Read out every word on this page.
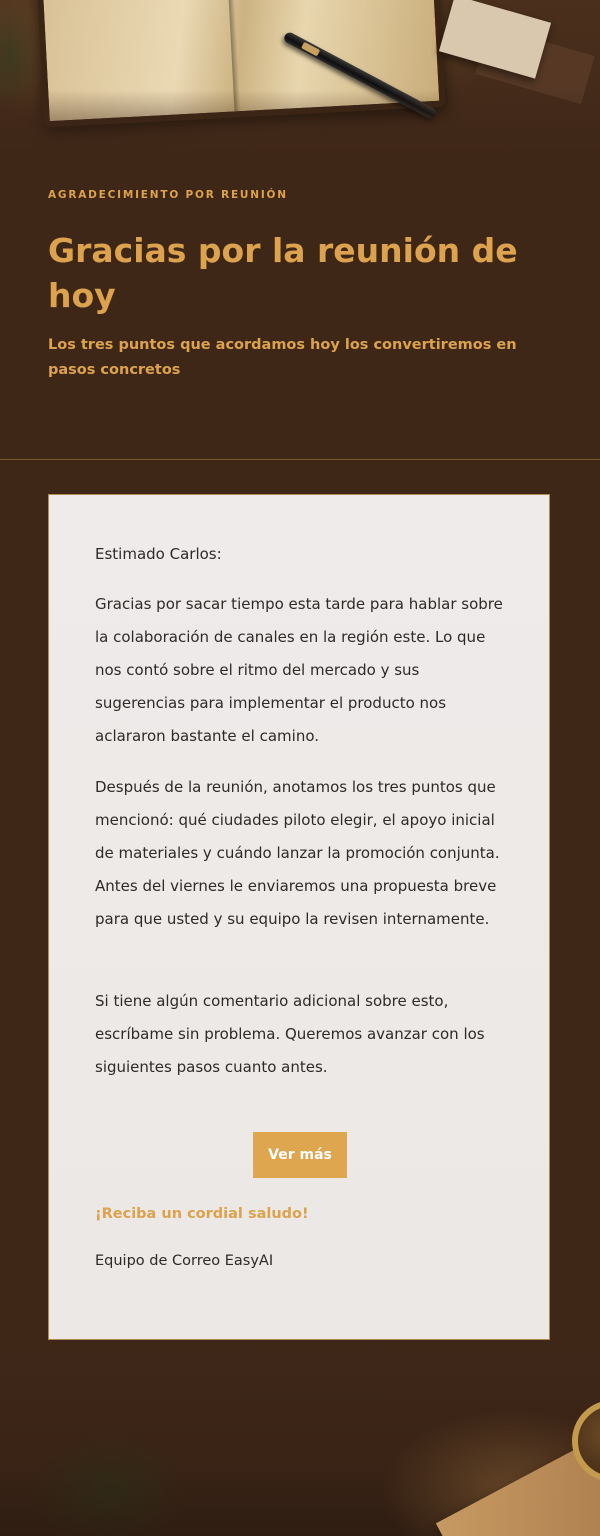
AGRADECIMIENTO POR REUNIÓN
Gracias por la reunión de hoy

Los tres puntos que acordamos hoy los convertiremos en pasos concretos

Estimado Carlos:

Gracias por sacar tiempo esta tarde para hablar sobre la colaboración de canales en la región este. Lo que nos contó sobre el ritmo del mercado y sus sugerencias para implementar el producto nos aclararon bastante el camino.

Después de la reunión, anotamos los tres puntos que mencionó: qué ciudades piloto elegir, el apoyo inicial de materiales y cuándo lanzar la promoción conjunta. Antes del viernes le enviaremos una propuesta breve para que usted y su equipo la revisen internamente.

Si tiene algún comentario adicional sobre esto, escríbame sin problema. Queremos avanzar con los siguientes pasos cuanto antes.

Ver más
¡Reciba un cordial saludo!
Equipo de Correo EasyAI
